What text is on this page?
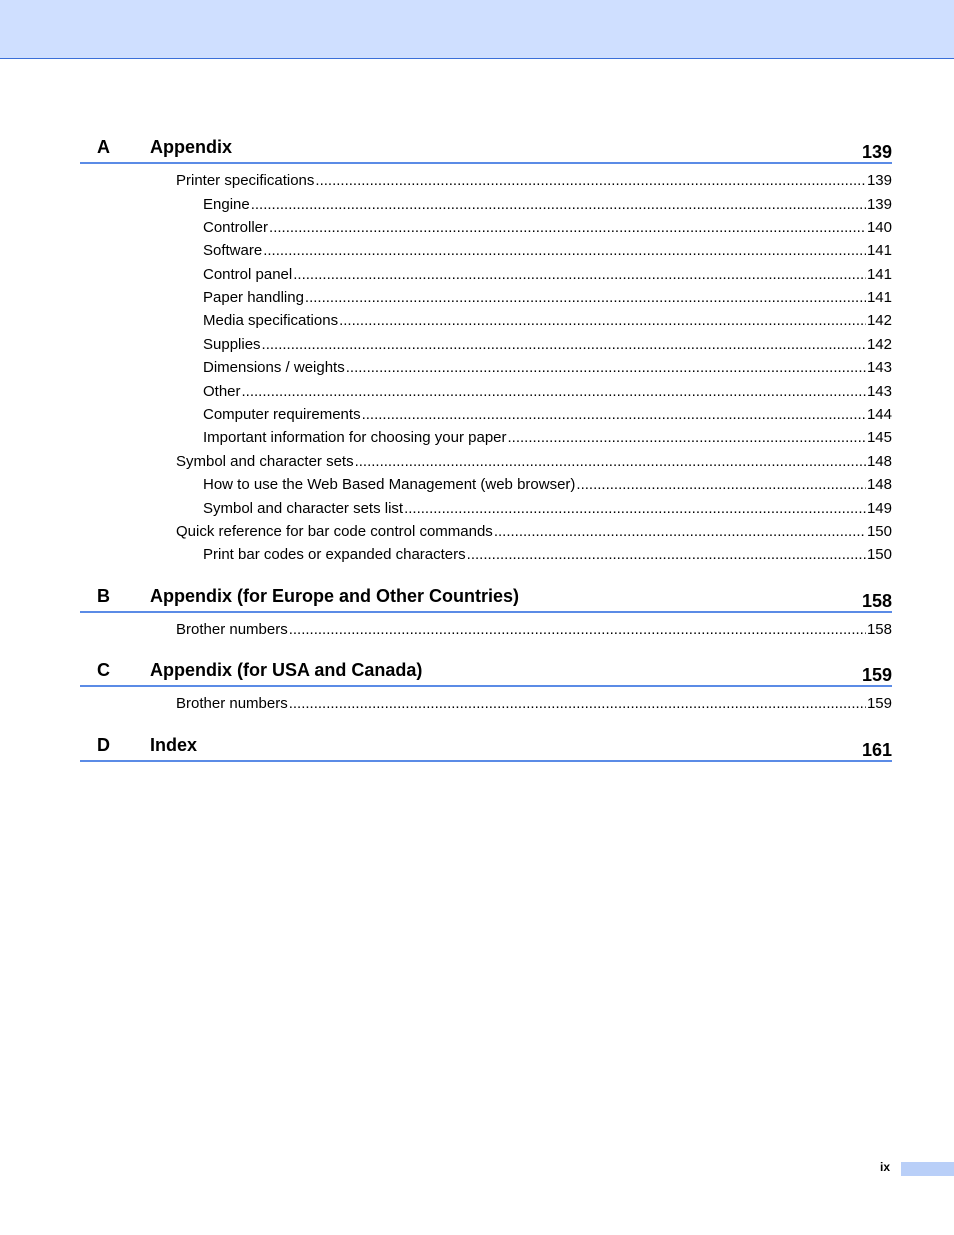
A Appendix	139
Printer specifications .....	139
Engine .....	139
Controller .....	140
Software .....	141
Control panel .....	141
Paper handling .....	141
Media specifications .....	142
Supplies .....	142
Dimensions / weights .....	143
Other .....	143
Computer requirements .....	144
Important information for choosing your paper .....	145
Symbol and character sets .....	148
How to use the Web Based Management (web browser) .....	148
Symbol and character sets list .....	149
Quick reference for bar code control commands .....	150
Print bar codes or expanded characters .....	150
B Appendix (for Europe and Other Countries)	158
Brother numbers .....	158
C Appendix (for USA and Canada)	159
Brother numbers .....	159
D Index	161
ix
